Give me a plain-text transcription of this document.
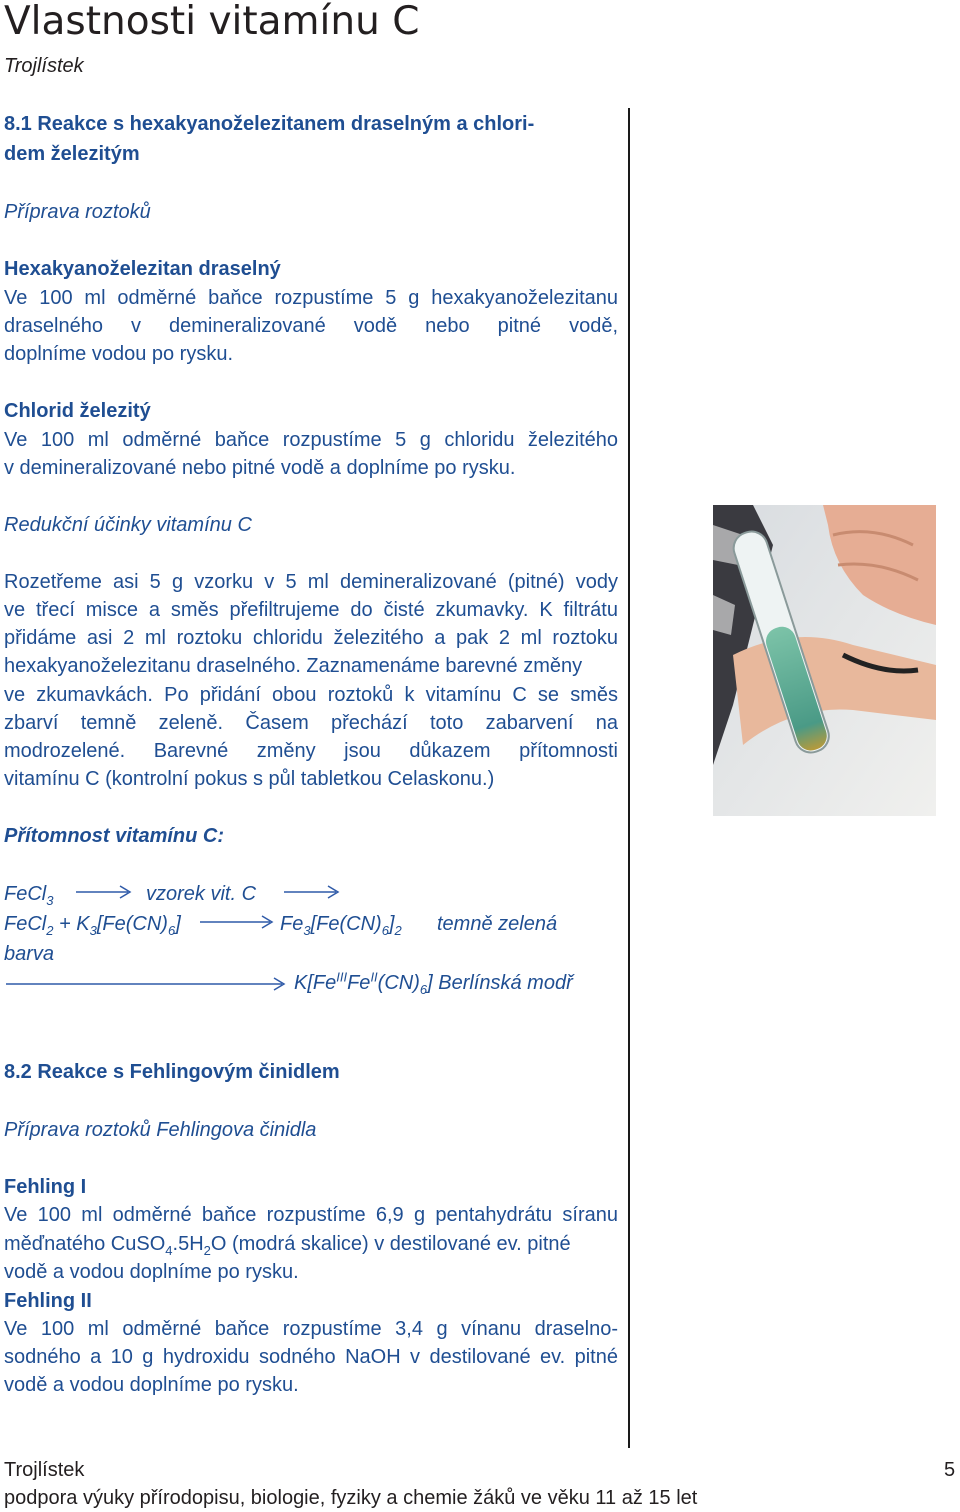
Vlastnosti vitamínu C
Trojlístek
8.1 Reakce s hexakyanoželezitanem draselným a chlori-
dem železitým
Příprava roztoků
Hexakyanoželezitan draselný
Ve 100 ml odměrné baňce rozpustíme 5 g hexakyanoželezitanu
draselného v demineralizované vodě nebo pitné vodě,
doplníme vodou po rysku.
Chlorid železitý
Ve 100 ml odměrné baňce rozpustíme 5 g chloridu železitého
v demineralizované nebo pitné vodě a doplníme po rysku.
Redukční účinky vitamínu C
Rozetřeme asi 5 g vzorku v 5 ml demineralizované (pitné) vody
ve třecí misce a směs přefiltrujeme do čisté zkumavky. K filtrátu
přidáme asi 2 ml roztoku chloridu železitého a pak 2 ml roztoku
hexakyanoželezitanu draselného. Zaznamenáme barevné změny
ve zkumavkách. Po přidání obou roztoků k vitamínu C se směs
zbarví temně zeleně. Časem přechází toto zabarvení na
modrozelené. Barevné změny jsou důkazem přítomnosti
vitamínu C (kontrolní pokus s půl tabletkou Celaskonu.)
Přítomnost vitamínu C:
FeCl$_3$	vzorek vit. C
FeCl$_2$ + $K_3[Fe(CN)_6]$	$Fe_3[Fe(CN)_6]_2$ temně zelená
barva
$K[Fe^{III}Fe^{II}(CN)_6]$ Berlínská modř
8.2 Reakce s Fehlingovým činidlem
Příprava roztoků Fehlingova činidla
Fehling I
Ve 100 ml odměrné baňce rozpustíme 6,9 g pentahydrátu síranu
měďnatého $CuSO_4.5H_2O$ (modrá skalice) v destilované ev. pitné
vodě a vodou doplníme po rysku.
Fehling II
Ve 100 ml odměrné baňce rozpustíme 3,4 g vínanu draselno-
sodného a 10 g hydroxidu sodného NaOH v destilované ev. pitné
vodě a vodou doplníme po rysku.
Trojlístek	5
podpora výuky přírodopisu, biologie, fyziky a chemie žáků ve věku 11 až 15 let
